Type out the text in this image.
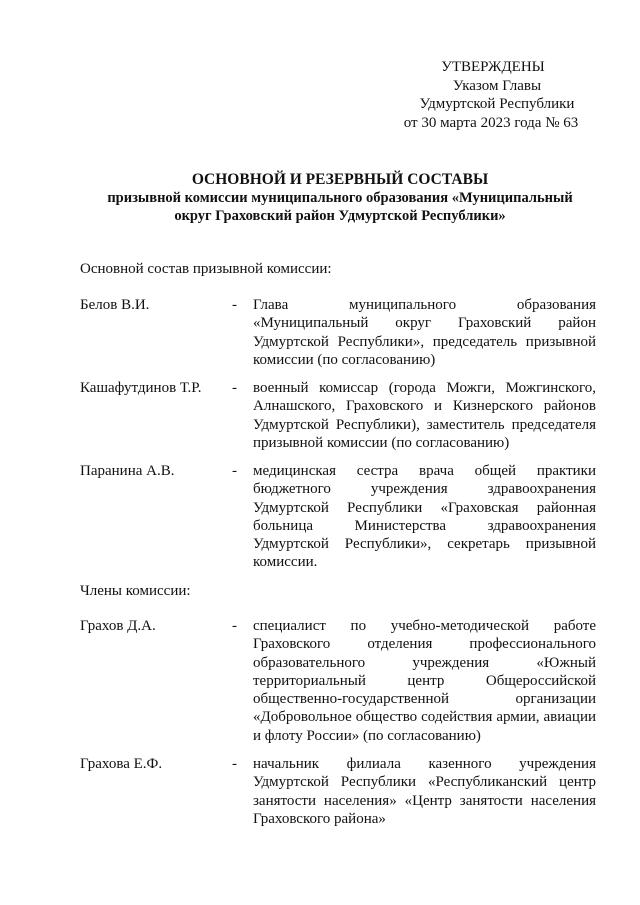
УТВЕРЖДЕНЫ
Указом Главы
Удмуртской Республики
от 30 марта 2023 года № 63
ОСНОВНОЙ И РЕЗЕРВНЫЙ СОСТАВЫ
призывной комиссии муниципального образования «Муниципальный
округ Граховский район Удмуртской Республики»
Основной состав призывной комиссии:
Белов В.И.	-	Глава муниципального образования «Муниципальный округ Граховский район Удмуртской Республики», председатель призывной комиссии (по согласованию)
Кашафутдинов Т.Р.	-	военный комиссар (города Можги, Можгинского, Алнашского, Граховского и Кизнерского районов Удмуртской Республики), заместитель председателя призывной комиссии (по согласованию)
Паранина А.В.	-	медицинская сестра врача общей практики бюджетного учреждения здравоохранения Удмуртской Республики «Граховская районная больница Министерства здравоохранения Удмуртской Республики», секретарь призывной комиссии.
Члены комиссии:
Грахов Д.А.	-	специалист по учебно-методической работе Граховского отделения профессионального образовательного учреждения «Южный территориальный центр Общероссийской общественно-государственной организации «Добровольное общество содействия армии, авиации и флоту России» (по согласованию)
Грахова Е.Ф.	-	начальник филиала казенного учреждения Удмуртской Республики «Республиканский центр занятости населения» «Центр занятости населения Граховского района»
